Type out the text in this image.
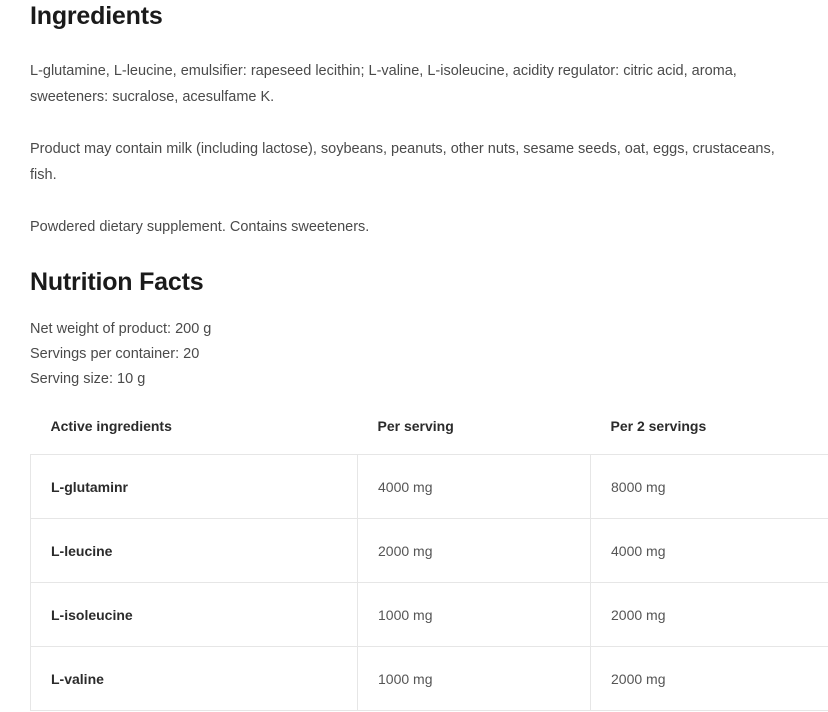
Ingredients

L-glutamine, L-leucine, emulsifier: rapeseed lecithin; L-valine, L-isoleucine, acidity regulator: citric acid, aroma, sweeteners: sucralose, acesulfame K.

Product may contain milk (including lactose), soybeans, peanuts, other nuts, sesame seeds, oat, eggs, crustaceans, fish.

Powdered dietary supplement. Contains sweeteners.

Nutrition Facts
Net weight of product: 200 g
Servings per container: 20
Serving size: 10 g
Active ingredients	Per serving	Per 2 servings
L-glutaminr	4000 mg	8000 mg
L-leucine	2000 mg	4000 mg
L-isoleucine	1000 mg	2000 mg
L-valine	1000 mg	2000 mg
